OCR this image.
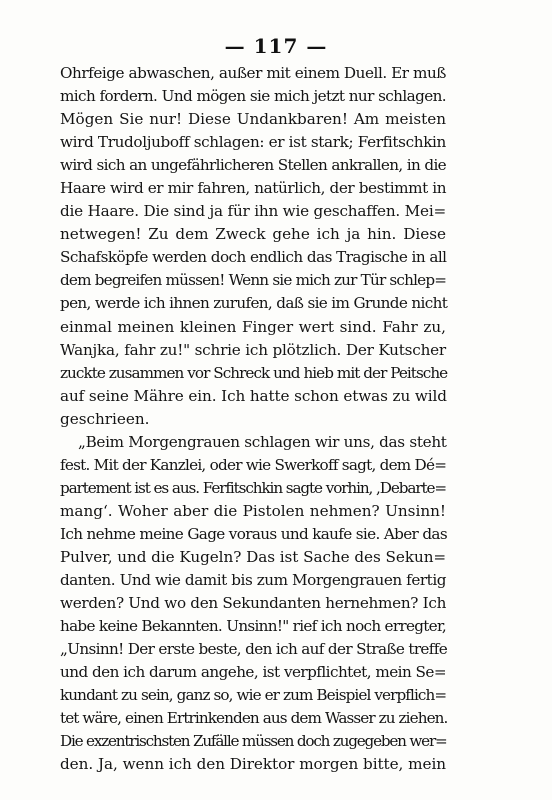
— 117 —
Ohrfeige abwaschen, außer mit einem Duell. Er muß
mich fordern. Und mögen sie mich jetzt nur schlagen.
Mögen Sie nur! Diese Undankbaren! Am meisten
wird Trudoljuboff schlagen: er ist stark; Ferfitschkin
wird sich an ungefährlicheren Stellen ankrallen, in die
Haare wird er mir fahren, natürlich, der bestimmt in
die Haare. Die sind ja für ihn wie geschaffen. Mei=
netwegen! Zu dem Zweck gehe ich ja hin. Diese
Schafsköpfe werden doch endlich das Tragische in all
dem begreifen müssen! Wenn sie mich zur Tür schlep=
pen, werde ich ihnen zurufen, daß sie im Grunde nicht
einmal meinen kleinen Finger wert sind. Fahr zu,
Wanjka, fahr zu!" schrie ich plötzlich. Der Kutscher
zuckte zusammen vor Schreck und hieb mit der Peitsche
auf seine Mähre ein. Ich hatte schon etwas zu wild
geschrieen.
„Beim Morgengrauen schlagen wir uns, das steht
fest. Mit der Kanzlei, oder wie Swerkoff sagt, dem Dé=
partement ist es aus. Ferfitschkin sagte vorhin, ,Debarte=
mang‘. Woher aber die Pistolen nehmen? Unsinn!
Ich nehme meine Gage voraus und kaufe sie. Aber das
Pulver, und die Kugeln? Das ist Sache des Sekun=
danten. Und wie damit bis zum Morgengrauen fertig
werden? Und wo den Sekundanten hernehmen? Ich
habe keine Bekannten. Unsinn!" rief ich noch erregter,
„Unsinn! Der erste beste, den ich auf der Straße treffe
und den ich darum angehe, ist verpflichtet, mein Se=
kundant zu sein, ganz so, wie er zum Beispiel verpflich=
tet wäre, einen Ertrinkenden aus dem Wasser zu ziehen.
Die exzentrischsten Zufälle müssen doch zugegeben wer=
den. Ja, wenn ich den Direktor morgen bitte, mein
